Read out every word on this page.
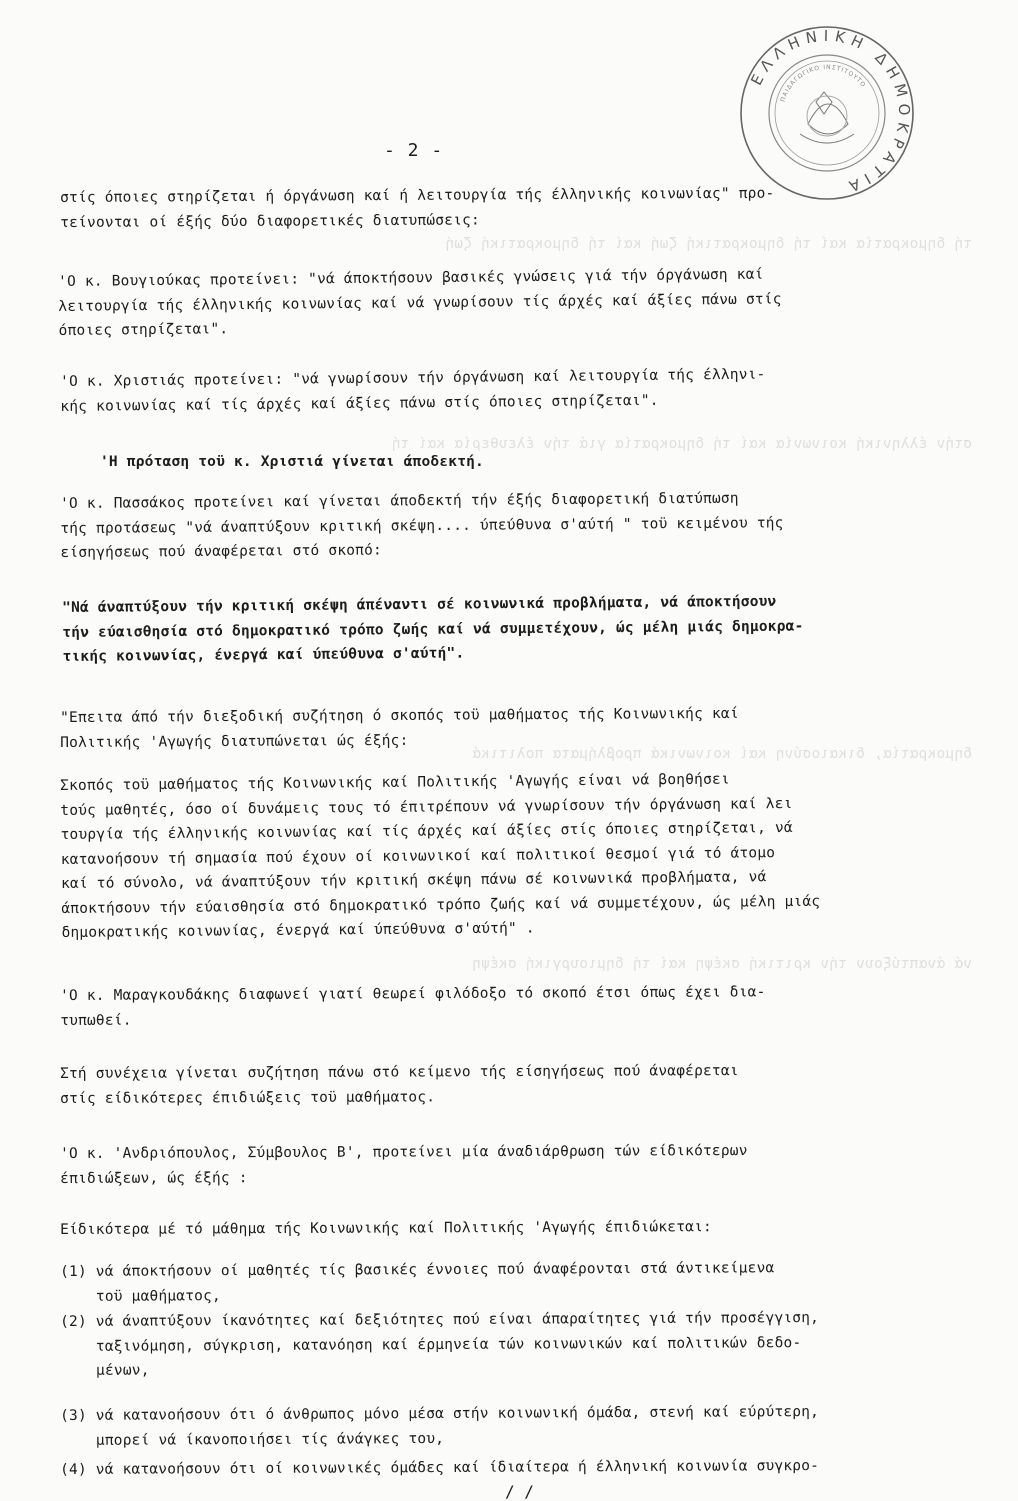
τή δημοκρατία καί τή δημοκρατική ζωή καί τή δημοκρατική ζωή
στήν έλληνική κοινωνία καί τή δημοκρατία γιά τήν έλευθερία καί τή
δημοκρατία, δικαιοσύνη καί κοινωνικά προβλήματα πολιτικά
νά άναπτύξουν τήν κριτική σκέψη καί τή δημιουργική σκέψη
ΕΛΛΗΝΙΚΗ ΔΗΜΟΚΡΑΤΙΑ
ΠΑΙΔΑΓΩΓΙΚΟ ΙΝΣΤΙΤΟΥΤΟ
- 2 -
στίς όποιες στηρίζεται ή όργάνωση καί ή λειτουργία τής έλληνικής κοινωνίας" προ-
τείνονται οί έξής δύο διαφορετικές διατυπώσεις:
'Ο κ. Βουγιούκας προτείνει: "νά άποκτήσουν βασικές γνώσεις γιά τήν όργάνωση καί
λειτουργία τής έλληνικής κοινωνίας καί νά γνωρίσουν τίς άρχές καί άξίες πάνω στίς
όποιες στηρίζεται".
'Ο κ. Χριστιάς προτείνει: "νά γνωρίσουν τήν όργάνωση καί λειτουργία τής έλληνι-
κής κοινωνίας καί τίς άρχές καί άξίες πάνω στίς όποιες στηρίζεται".
'Η πρόταση τοϋ κ. Χριστιά γίνεται άποδεκτή.
'Ο κ. Πασσάκος προτείνει καί γίνεται άποδεκτή τήν έξής διαφορετική διατύπωση
τής προτάσεως "νά άναπτύξουν κριτική σκέψη.... ύπεύθυνα σ'αύτή " τοϋ κειμένου τής
είσηγήσεως πού άναφέρεται στό σκοπό:
"Νά άναπτύξουν τήν κριτική σκέψη άπέναντι σέ κοινωνικά προβλήματα, νά άποκτήσουν
τήν εύαισθησία στό δημοκρατικό τρόπο ζωής καί νά συμμετέχουν, ώς μέλη μιάς δημοκρα-
τικής κοινωνίας, ένεργά καί ύπεύθυνα σ'αύτή".
"Επειτα άπό τήν διεξοδική συζήτηση ό σκοπός τοϋ μαθήματος τής Κοινωνικής καί
Πολιτικής 'Αγωγής διατυπώνεται ώς έξής:
Σκοπός τοϋ μαθήματος τής Κοινωνικής καί Πολιτικής 'Αγωγής είναι νά βοηθήσει
tούς μαθητές, όσο οί δυνάμεις τους τό έπιτρέπουν νά γνωρίσουν τήν όργάνωση καί λει
τουργία τής έλληνικής κοινωνίας καί τίς άρχές καί άξίες στίς όποιες στηρίζεται, νά
κατανοήσουν τή σημασία πού έχουν οί κοινωνικοί καί πολιτικοί θεσμοί γιά τό άτομο
καί τό σύνολο, νά άναπτύξουν τήν κριτική σκέψη πάνω σέ κοινωνικά προβλήματα, νά
άποκτήσουν τήν εύαισθησία στό δημοκρατικό τρόπο ζωής καί νά συμμετέχουν, ώς μέλη μιάς
δημοκρατικής κοινωνίας, ένεργά καί ύπεύθυνα σ'αύτή" .
'Ο κ. Μαραγκουδάκης διαφωνεί γιατί θεωρεί φιλόδοξο τό σκοπό έτσι όπως έχει δια-
τυπωθεί.
Στή συνέχεια γίνεται συζήτηση πάνω στό κείμενο τής είσηγήσεως πού άναφέρεται
στίς είδικότερες έπιδιώξεις τοϋ μαθήματος.
'Ο κ. 'Ανδριόπουλος, Σύμβουλος Β', προτείνει μία άναδιάρθρωση τών είδικότερων
έπιδιώξεων, ώς έξής :
Είδικότερα μέ τό μάθημα τής Κοινωνικής καί Πολιτικής 'Αγωγής έπιδιώκεται:
(1) νά άποκτήσουν οί μαθητές τίς βασικές έννοιες πού άναφέρονται στά άντικείμενα
τοϋ μαθήματος,
(2) νά άναπτύξουν ίκανότητες καί δεξιότητες πού είναι άπαραίτητες γιά τήν προσέγγιση,
ταξινόμηση, σύγκριση, κατανόηση καί έρμηνεία τών κοινωνικών καί πολιτικών δεδο-
μένων,
(3) νά κατανοήσουν ότι ό άνθρωπος μόνο μέσα στήν κοινωνική όμάδα, στενή καί εύρύτερη,
μπορεί νά ίκανοποιήσει τίς άνάγκες του,
(4) νά κατανοήσουν ότι οί κοινωνικές όμάδες καί ίδιαίτερα ή έλληνική κοινωνία συγκρο-
/ /
